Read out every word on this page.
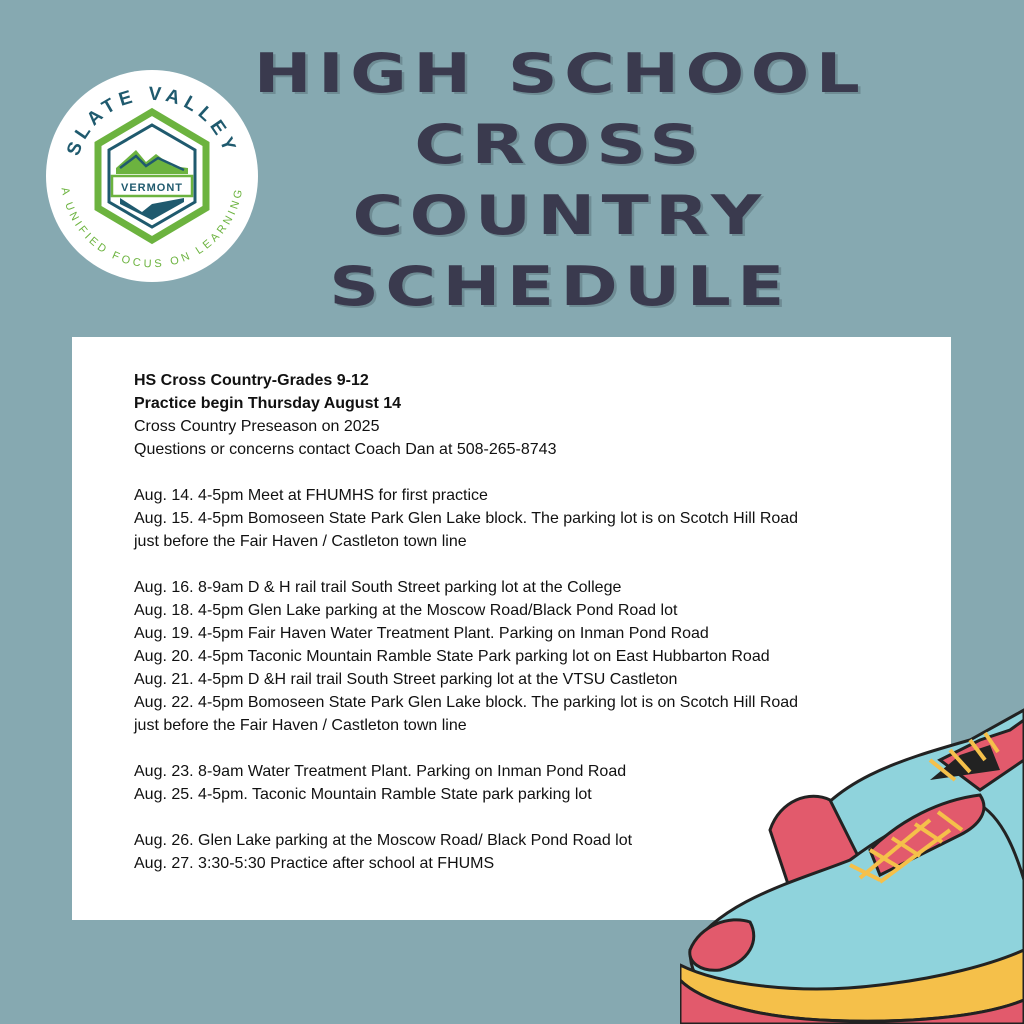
SLATE VALLEY
A UNIFIED FOCUS ON LEARNING
VERMONT
HIGH SCHOOL
CROSS
COUNTRY
SCHEDULE
HS Cross Country-Grades 9-12
Practice begin Thursday August 14
Cross Country Preseason on 2025
Questions or concerns contact Coach Dan at 508-265-8743
Aug. 14. 4-5pm Meet at FHUMHS for first practice
Aug. 15. 4-5pm Bomoseen State Park Glen Lake block. The parking lot is on Scotch Hill Road
just before the Fair Haven / Castleton town line
Aug. 16. 8-9am D & H rail trail South Street parking lot at the College
Aug. 18. 4-5pm Glen Lake parking at the Moscow Road/Black Pond Road lot
Aug. 19. 4-5pm Fair Haven Water Treatment Plant. Parking on Inman Pond Road
Aug. 20. 4-5pm Taconic Mountain Ramble State Park parking lot on East Hubbarton Road
Aug. 21. 4-5pm D &H rail trail South Street parking lot at the VTSU Castleton
Aug. 22. 4-5pm Bomoseen State Park Glen Lake block. The parking lot is on Scotch Hill Road
just before the Fair Haven / Castleton town line
Aug. 23. 8-9am Water Treatment Plant. Parking on Inman Pond Road
Aug. 25. 4-5pm. Taconic Mountain Ramble State park parking lot
Aug. 26. Glen Lake parking at the Moscow Road/ Black Pond Road lot
Aug. 27. 3:30-5:30 Practice after school at FHUMS
